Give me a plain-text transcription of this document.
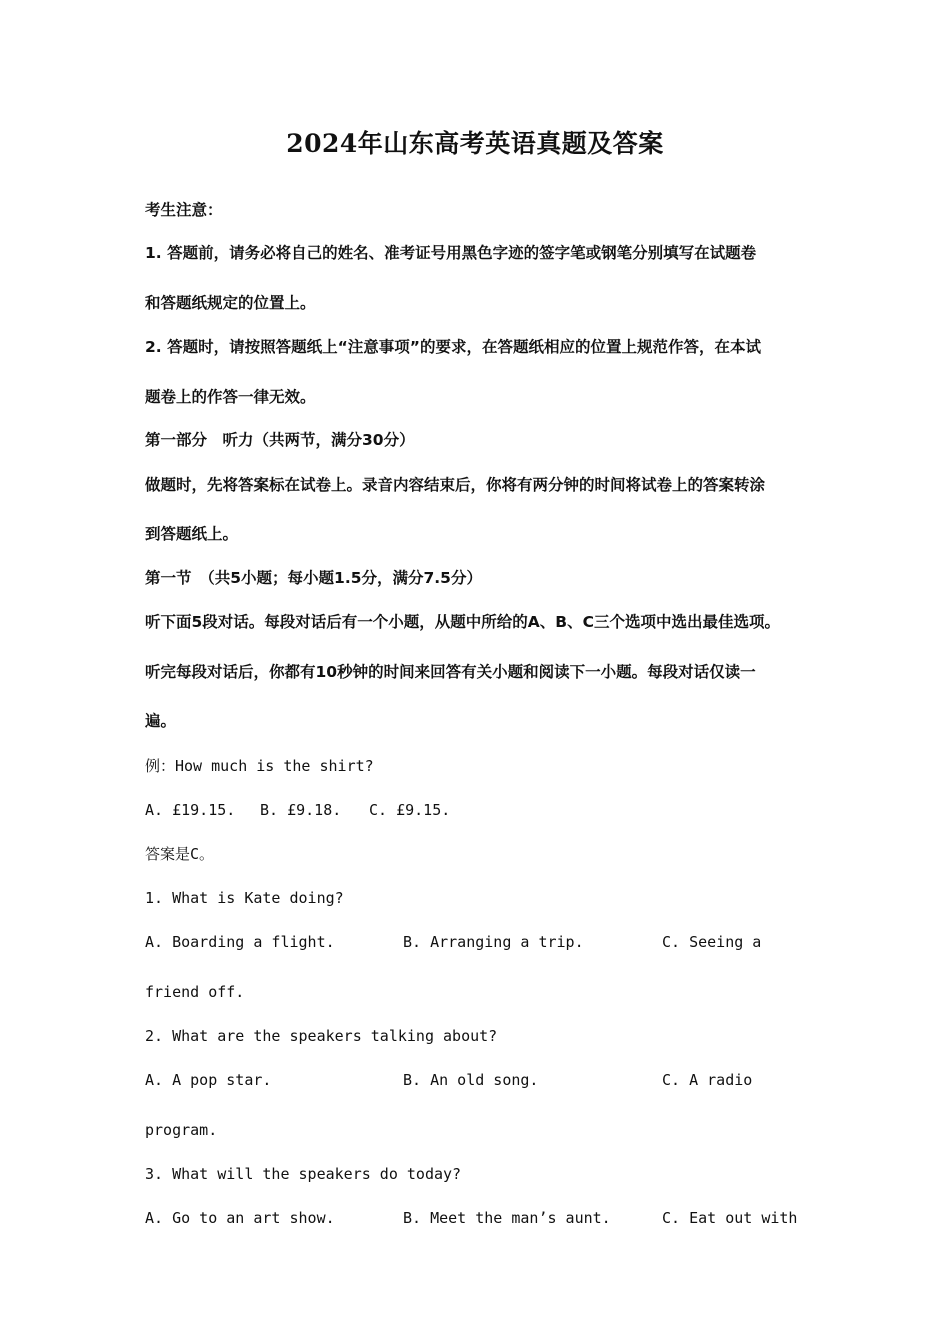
2024年山东高考英语真题及答案
考生注意：
1. 答题前，请务必将自己的姓名、准考证号用黑色字迹的签字笔或钢笔分别填写在试题卷
和答题纸规定的位置上。
2. 答题时，请按照答题纸上“注意事项”的要求，在答题纸相应的位置上规范作答，在本试
题卷上的作答一律无效。
第一部分　听力（共两节，满分30分）
做题时，先将答案标在试卷上。录音内容结束后，你将有两分钟的时间将试卷上的答案转涂
到答题纸上。
第一节　（共5小题；每小题1.5分，满分7.5分）
听下面5段对话。每段对话后有一个小题，从题中所给的A、B、C三个选项中选出最佳选项。
听完每段对话后，你都有10秒钟的时间来回答有关小题和阅读下一小题。每段对话仅读一
遍。
例：How much is the shirt?
A. £19.15. B. £9.18. C. £9.15.
答案是C。
1. What is Kate doing?
A. Boarding a flight.	B. Arranging a trip.	C. Seeing a
friend off.
2. What are the speakers talking about?
A. A pop star.	B. An old song.	C. A radio
program.
3. What will the speakers do today?
A. Go to an art show.	B. Meet the man’s aunt.	C. Eat out with
